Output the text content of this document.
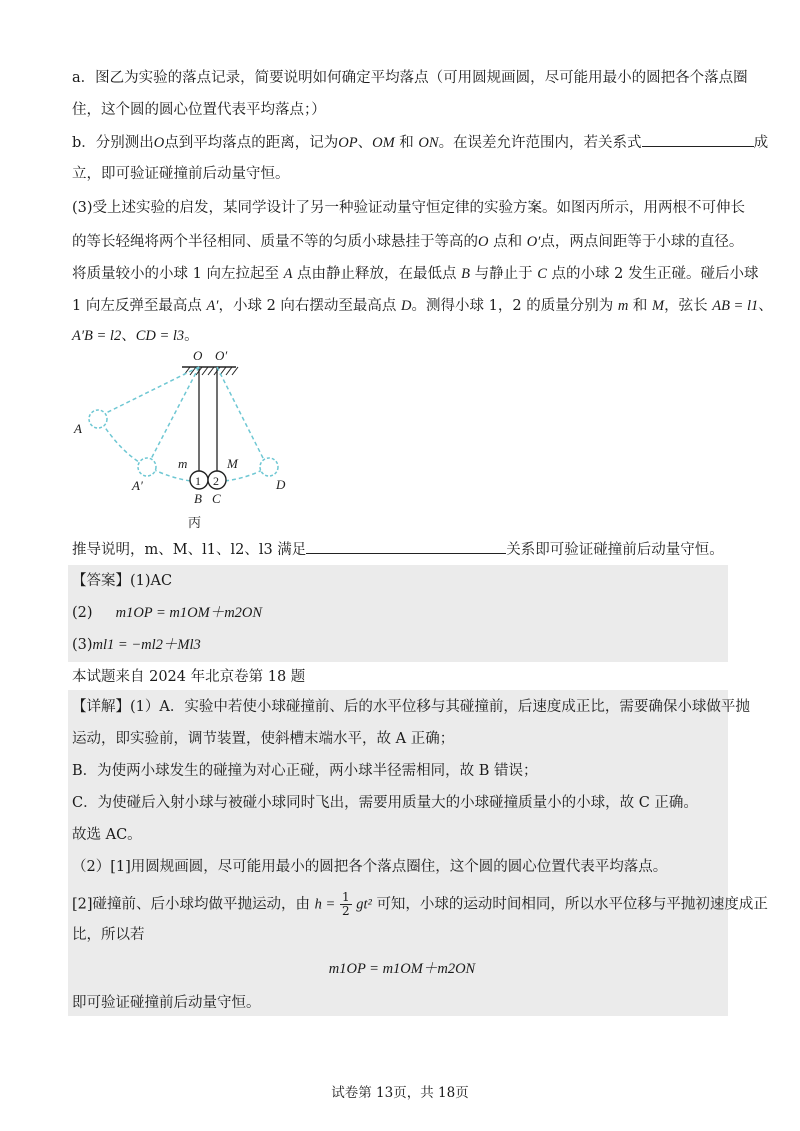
a．图乙为实验的落点记录，简要说明如何确定平均落点（可用圆规画圆，尽可能用最小的圆把各个落点圈
住，这个圆的圆心位置代表平均落点；）
b．分别测出O点到平均落点的距离，记为OP、OM 和 ON。在误差允许范围内，若关系式	成
立，即可验证碰撞前后动量守恒。
(3)受上述实验的启发，某同学设计了另一种验证动量守恒定律的实验方案。如图丙所示，用两根不可伸长
的等长轻绳将两个半径相同、质量不等的匀质小球悬挂于等高的O 点和 O′点，两点间距等于小球的直径。
将质量较小的小球 1 向左拉起至 A 点由静止释放，在最低点 B 与静止于 C 点的小球 2 发生正碰。碰后小球
1 向左反弹至最高点 A′，小球 2 向右摆动至最高点 D。测得小球 1，2 的质量分别为 m 和 M，弦长 AB = l1、
A′B = l2、CD = l3。
O O′
1 2
A
A′
m	M
B C
D
丙
推导说明，m、M、l1、l2、l3 满足	关系即可验证碰撞前后动量守恒。
【答案】(1)AC
(2) m1OP = m1OM＋m2ON
(3)ml1 = −ml2＋Ml3
本试题来自 2024 年北京卷第 18 题
【详解】(1）A．实验中若使小球碰撞前、后的水平位移与其碰撞前，后速度成正比，需要确保小球做平抛
运动，即实验前，调节装置，使斜槽末端水平，故 A 正确；
B．为使两小球发生的碰撞为对心正碰，两小球半径需相同，故 B 错误；
C．为使碰后入射小球与被碰小球同时飞出，需要用质量大的小球碰撞质量小的小球，故 C 正确。
故选 AC。
（2）[1]用圆规画圆，尽可能用最小的圆把各个落点圈住，这个圆的圆心位置代表平均落点。
[2]碰撞前、后小球均做平抛运动，由 $h = \frac{1}{2} gt^2$ 可知，小球的运动时间相同，所以水平位移与平抛初速度成正
比，所以若
m1OP = m1OM＋m2ON
即可验证碰撞前后动量守恒。
试卷第 13页，共 18页
